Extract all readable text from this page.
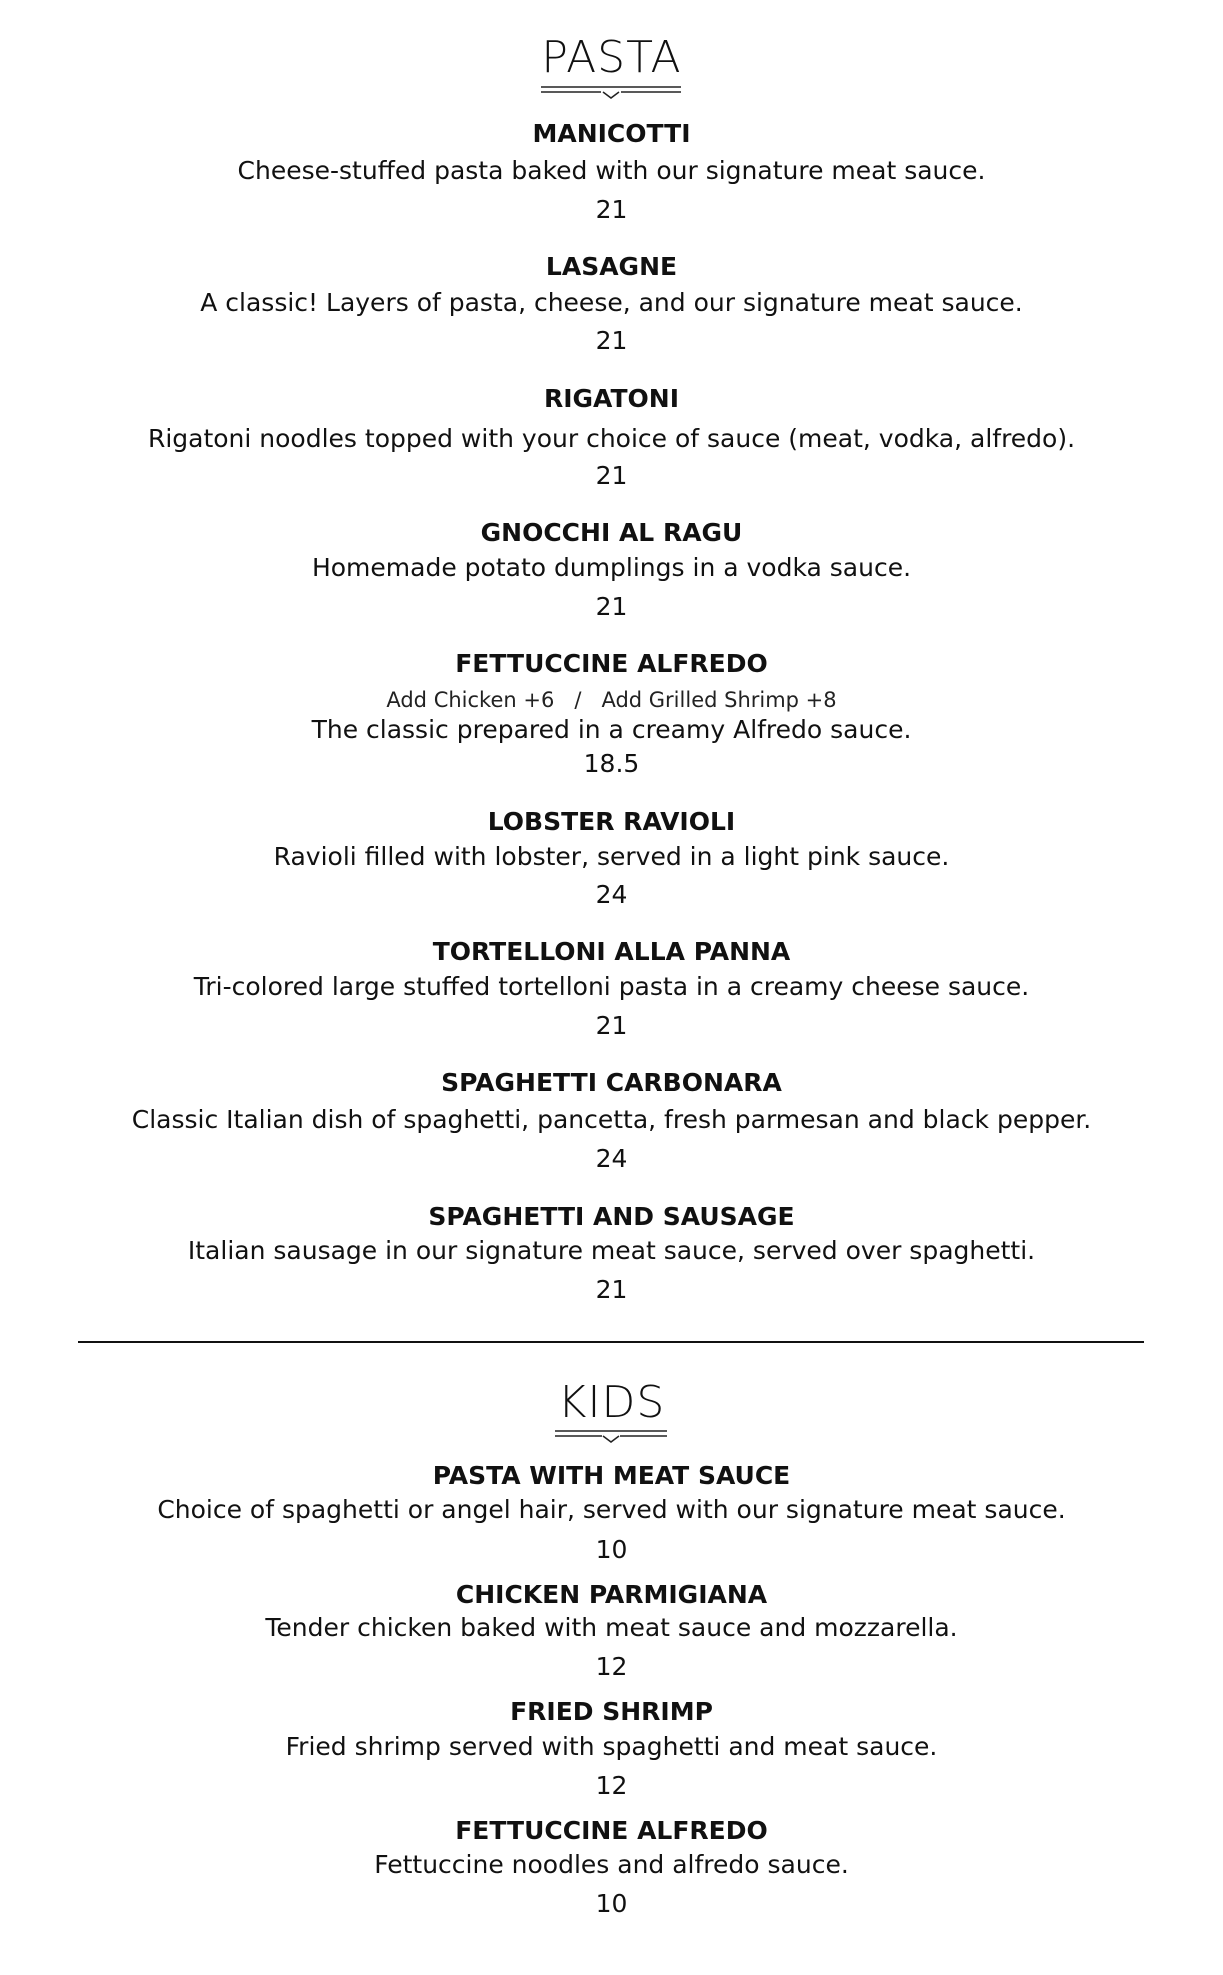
PASTA
MANICOTTI
Cheese-stuffed pasta baked with our signature meat sauce.
21
LASAGNE
A classic! Layers of pasta, cheese, and our signature meat sauce.
21
RIGATONI
Rigatoni noodles topped with your choice of sauce (meat, vodka, alfredo).
21
GNOCCHI AL RAGU
Homemade potato dumplings in a vodka sauce.
21
FETTUCCINE ALFREDO
Add Chicken +6   /   Add Grilled Shrimp +8
The classic prepared in a creamy Alfredo sauce.
18.5
LOBSTER RAVIOLI
Ravioli filled with lobster, served in a light pink sauce.
24
TORTELLONI ALLA PANNA
Tri-colored large stuffed tortelloni pasta in a creamy cheese sauce.
21
SPAGHETTI CARBONARA
Classic Italian dish of spaghetti, pancetta, fresh parmesan and black pepper.
24
SPAGHETTI AND SAUSAGE
Italian sausage in our signature meat sauce, served over spaghetti.
21
KIDS
PASTA WITH MEAT SAUCE
Choice of spaghetti or angel hair, served with our signature meat sauce.
10
CHICKEN PARMIGIANA
Tender chicken baked with meat sauce and mozzarella.
12
FRIED SHRIMP
Fried shrimp served with spaghetti and meat sauce.
12
FETTUCCINE ALFREDO
Fettuccine noodles and alfredo sauce.
10
